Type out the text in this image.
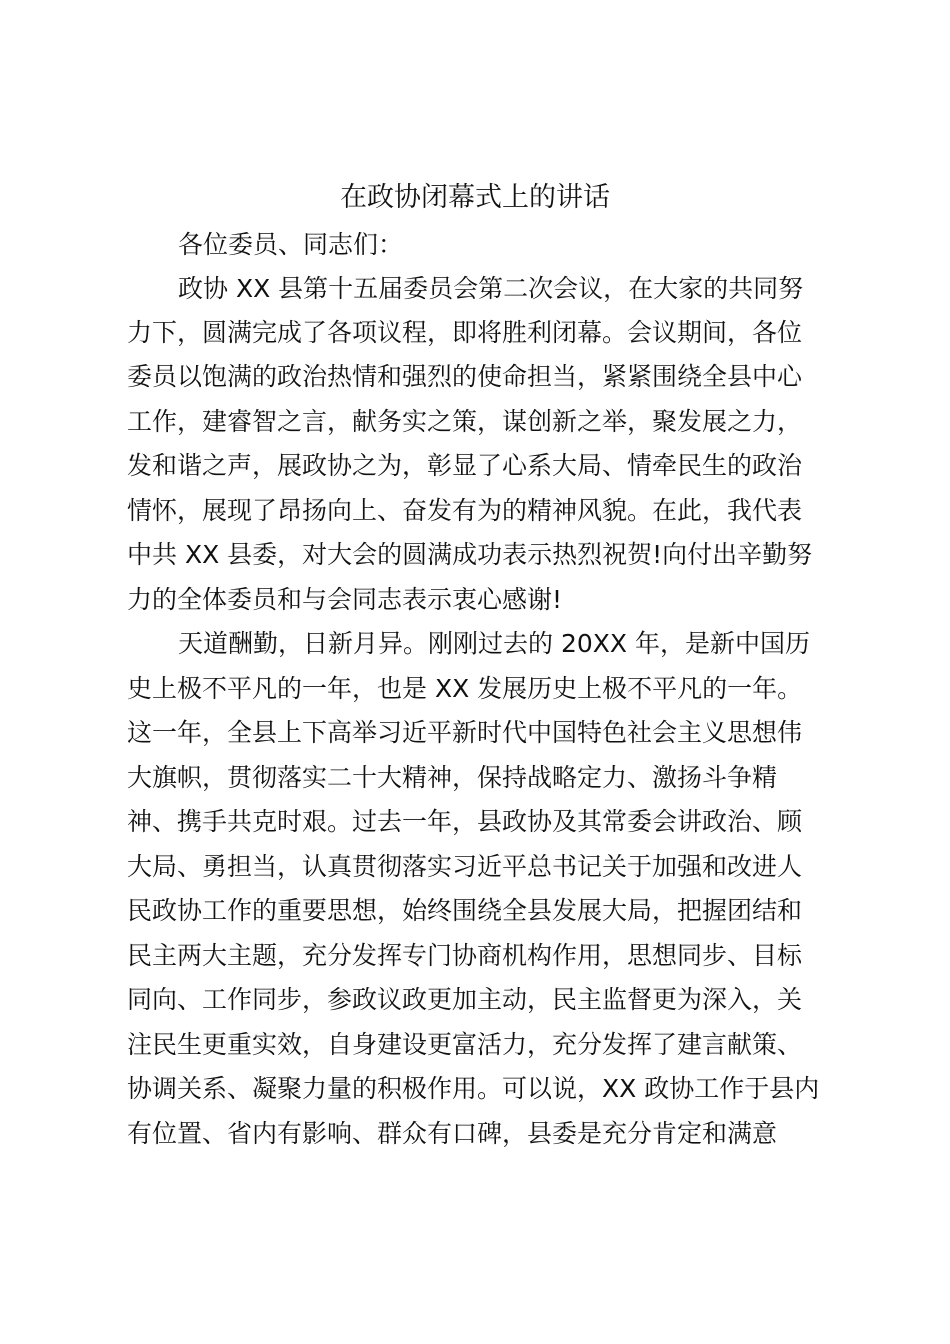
在政协闭幕式上的讲话
各位委员、同志们：
政协 XX 县第十五届委员会第二次会议，在大家的共同努
力下，圆满完成了各项议程，即将胜利闭幕。会议期间，各位
委员以饱满的政治热情和强烈的使命担当，紧紧围绕全县中心
工作，建睿智之言，献务实之策，谋创新之举，聚发展之力，
发和谐之声，展政协之为，彰显了心系大局、情牵民生的政治
情怀，展现了昂扬向上、奋发有为的精神风貌。在此，我代表
中共 XX 县委，对大会的圆满成功表示热烈祝贺!向付出辛勤努
力的全体委员和与会同志表示衷心感谢!
天道酬勤，日新月异。刚刚过去的 20XX 年，是新中国历
史上极不平凡的一年，也是 XX 发展历史上极不平凡的一年。
这一年，全县上下高举习近平新时代中国特色社会主义思想伟
大旗帜，贯彻落实二十大精神，保持战略定力、激扬斗争精
神、携手共克时艰。过去一年，县政协及其常委会讲政治、顾
大局、勇担当，认真贯彻落实习近平总书记关于加强和改进人
民政协工作的重要思想，始终围绕全县发展大局，把握团结和
民主两大主题，充分发挥专门协商机构作用，思想同步、目标
同向、工作同步，参政议政更加主动，民主监督更为深入，关
注民生更重实效，自身建设更富活力，充分发挥了建言献策、
协调关系、凝聚力量的积极作用。可以说，XX 政协工作于县内
有位置、省内有影响、群众有口碑，县委是充分肯定和满意
